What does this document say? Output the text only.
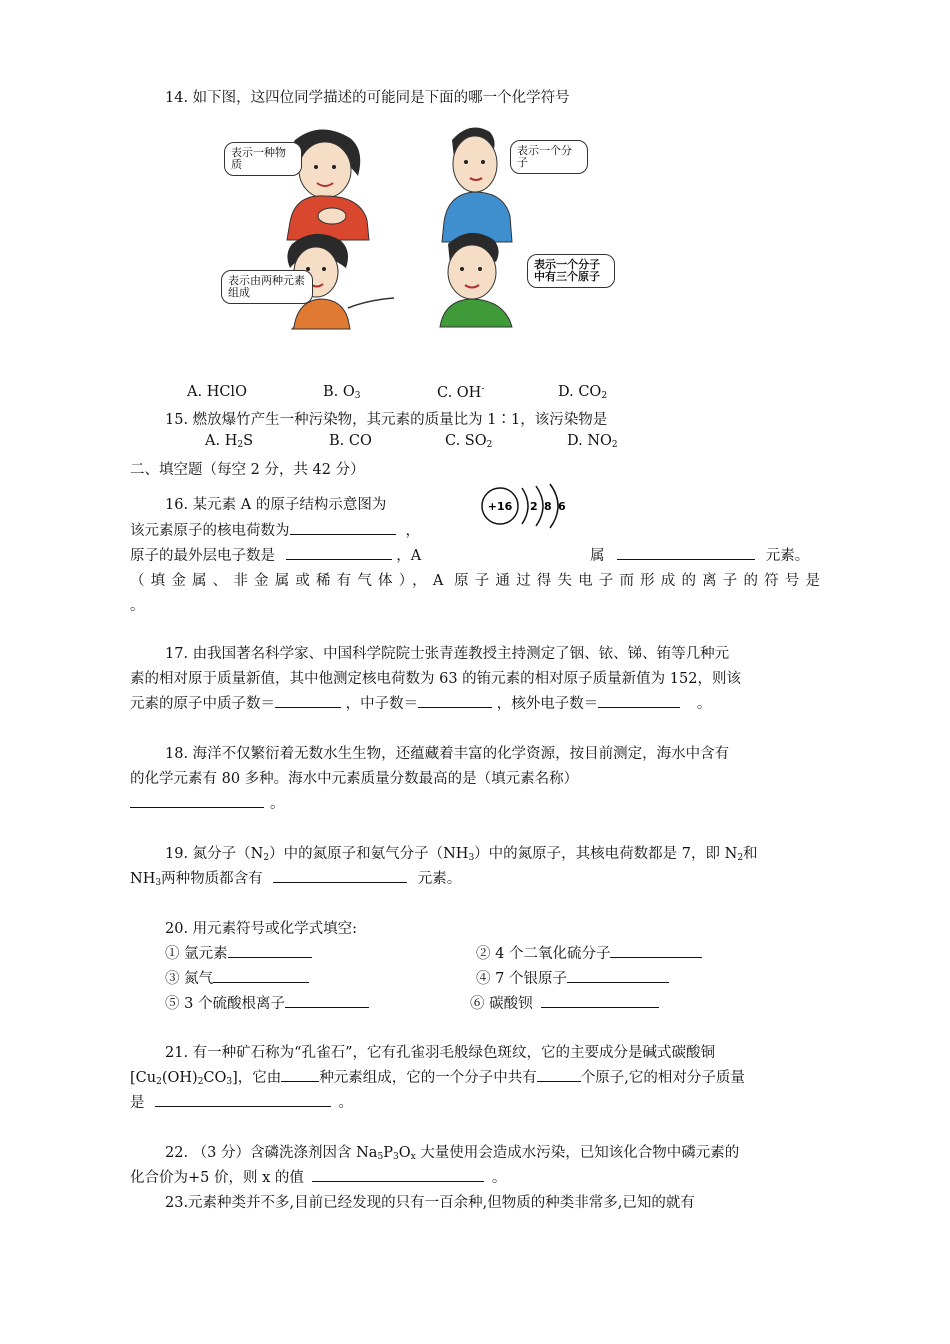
14. 如下图，这四位同学描述的可能同是下面的哪一个化学符号
表示一种物质
表示一个分子
表示由两种元素组成
表示一个分子中有三个原子
A. HClO	B. $O_3$	C. OH-	D. $CO_2$
15. 燃放爆竹产生一种污染物，其元素的质量比为 1∶1，该污染物是
A. $H_2S$	B. CO	C. $SO_2$	D. $NO_2$
二、填空题（每空 2 分，共 42 分）
16. 某元素 A 的原子结构示意图为	+16 2 8 6
该元素原子的核电荷数为	，
原子的最外层电子数是	，A	属	元素。
（填金属、非金属或稀有气体），A 原子通过得失电子而形成的离子的符号是
。
17. 由我国著名科学家、中国科学院院士张青莲教授主持测定了铟、铱、锑、铕等几种元
素的相对原于质量新值，其中他测定核电荷数为 63 的铕元素的相对原子质量新值为 152，则该
元素的原子中质子数＝	，中子数＝	，核外电子数＝	。
18. 海洋不仅繁衍着无数水生生物，还蕴藏着丰富的化学资源，按目前测定，海水中含有
的化学元素有 80 多种。海水中元素质量分数最高的是（填元素名称）
。
19. 氮分子$(N_2)$中的氮原子和氨气分子$(NH_3)$中的氮原子，其核电荷数都是 7，即 $N_2$和
$NH_3$两种物质都含有	元素。
20. 用元素符号或化学式填空:
① 氩元素	② 4 个二氧化硫分子
③ 氮气	④ 7 个银原子
⑤ 3 个硫酸根离子	⑥ 碳酸钡
21. 有一种矿石称为“孔雀石”，它有孔雀羽毛般绿色斑纹，它的主要成分是碱式碳酸铜
$[Cu_2(OH)_2CO_3]$，它由	种元素组成，它的一个分子中共有	个原子,它的相对分子质量
是	。
22. （3 分）含磷洗涤剂因含 $Na_5P_3O_x$ 大量使用会造成水污染，已知该化合物中磷元素的
化合价为+5 价，则 x 的值	。
23.元素种类并不多,目前已经发现的只有一百余种,但物质的种类非常多,已知的就有
